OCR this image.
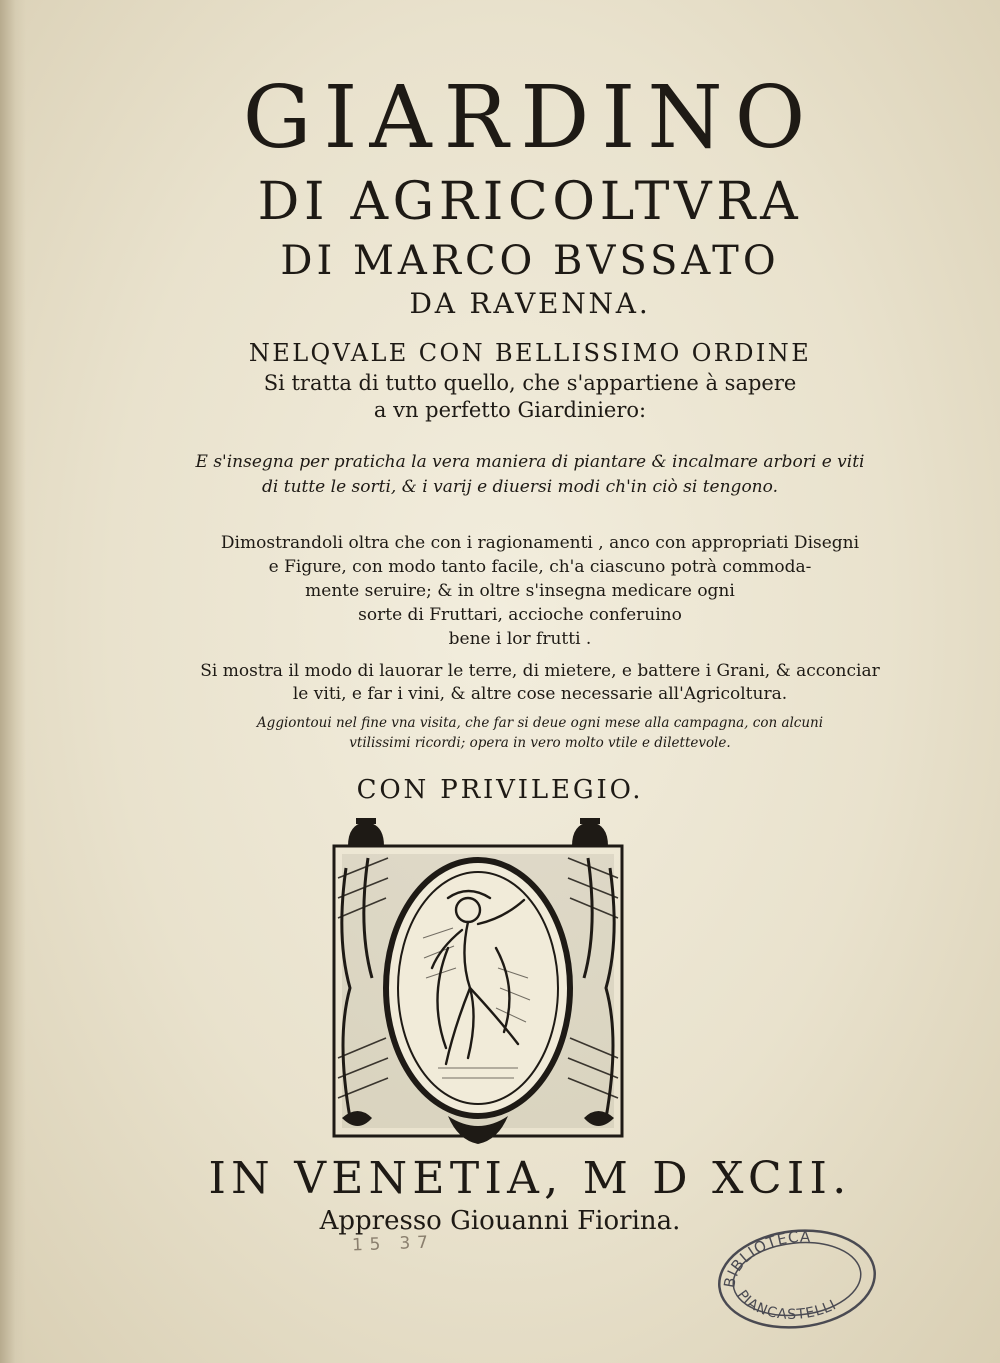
GIARDINO
DI AGRICOLTVRA
DI MARCO BVSSATO
DA RAVENNA.
NELQVALE CON BELLISSIMO ORDINE
Si tratta di tutto quello, che s'appartiene à sapere
a vn perfetto Giardiniero:
E s'insegna per praticha la vera maniera di piantare & incalmare arbori e viti
di tutte le sorti, & i varij e diuersi modi ch'in ciò si tengono.
Dimostrandoli oltra che con i ragionamenti , anco con appropriati Disegni
e Figure, con modo tanto facile, ch'a ciascuno potrà commoda-
mente seruire; & in oltre s'insegna medicare ogni
sorte di Fruttari, accioche conferuino
bene i lor frutti .
Si mostra il modo di lauorar le terre, di mietere, e battere i Grani, & acconciar
le viti, e far i vini, & altre cose necessarie all'Agricoltura.
Aggiontoui nel fine vna visita, che far si deue ogni mese alla campagna, con alcuni
vtilissimi ricordi; opera in vero molto vtile e dilettevole.
CON PRIVILEGIO.
IN VENETIA, M D XCII.
Appresso Giouanni Fiorina.
15 37
BIBLIOTECA
PIANCASTELLI
